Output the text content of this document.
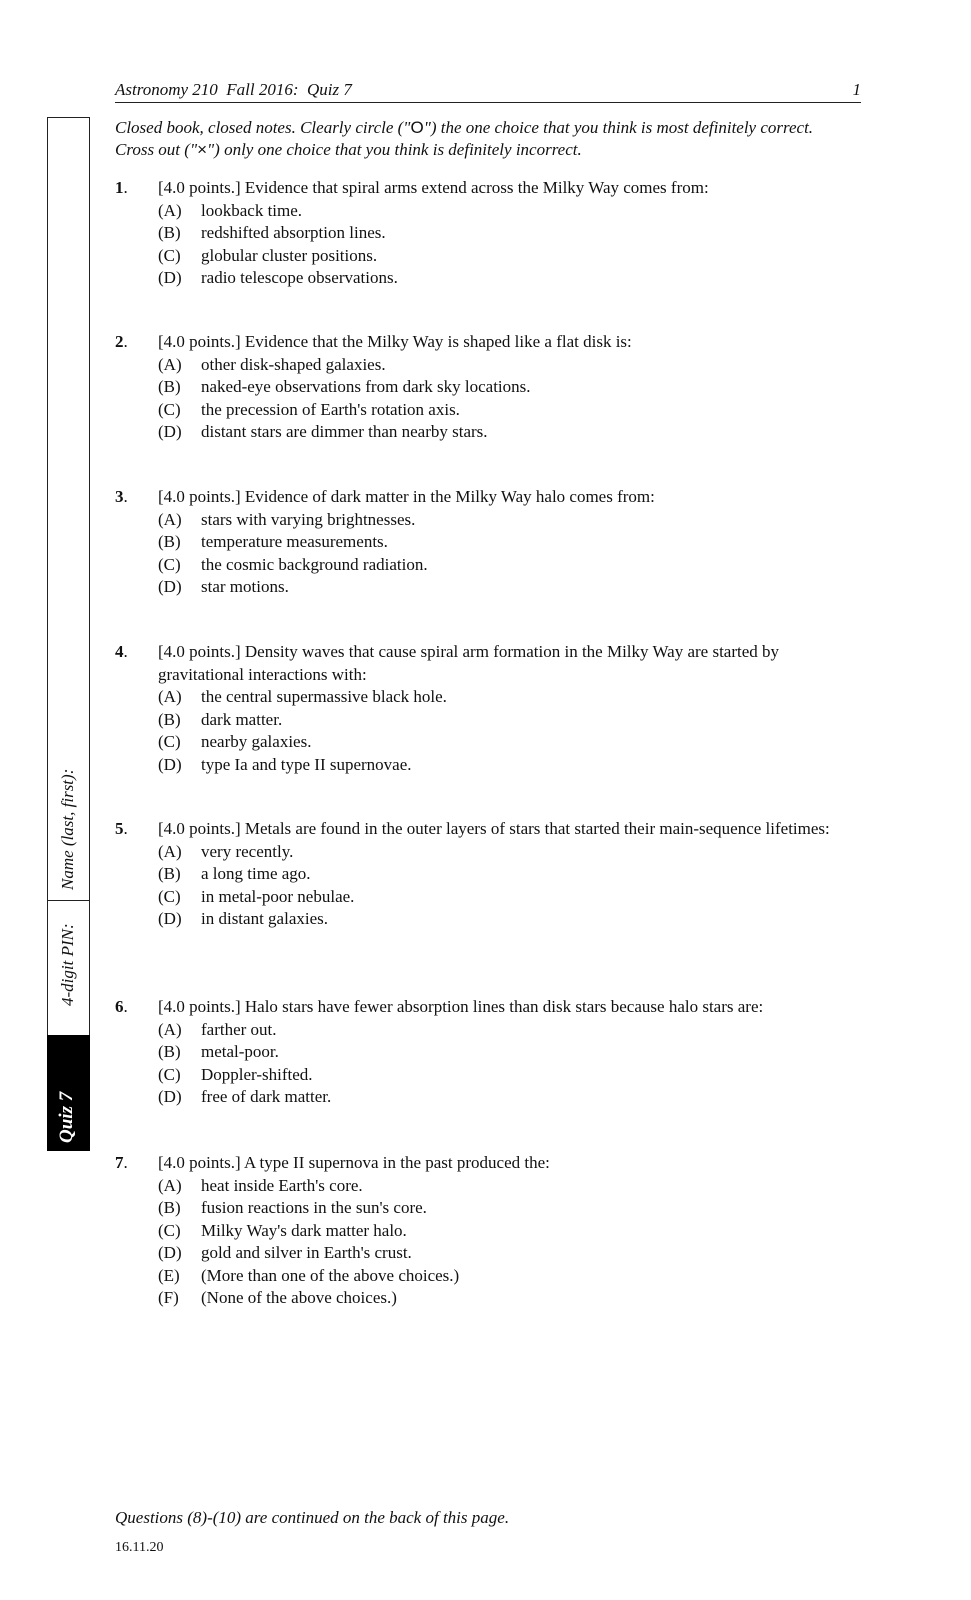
Astronomy 210  Fall 2016:  Quiz 7	1
Closed book, closed notes. Clearly circle ("O") the one choice that you think is most definitely correct. Cross out ("×") only one choice that you think is definitely incorrect.
Name (last, first):
4-digit PIN:
Quiz 7
1. [4.0 points.] Evidence that spiral arms extend across the Milky Way comes from:
(A) lookback time.
(B) redshifted absorption lines.
(C) globular cluster positions.
(D) radio telescope observations.
2. [4.0 points.] Evidence that the Milky Way is shaped like a flat disk is:
(A) other disk-shaped galaxies.
(B) naked-eye observations from dark sky locations.
(C) the precession of Earth's rotation axis.
(D) distant stars are dimmer than nearby stars.
3. [4.0 points.] Evidence of dark matter in the Milky Way halo comes from:
(A) stars with varying brightnesses.
(B) temperature measurements.
(C) the cosmic background radiation.
(D) star motions.
4. [4.0 points.] Density waves that cause spiral arm formation in the Milky Way are started by gravitational interactions with:
(A) the central supermassive black hole.
(B) dark matter.
(C) nearby galaxies.
(D) type Ia and type II supernovae.
5. [4.0 points.] Metals are found in the outer layers of stars that started their main-sequence lifetimes:
(A) very recently.
(B) a long time ago.
(C) in metal-poor nebulae.
(D) in distant galaxies.
6. [4.0 points.] Halo stars have fewer absorption lines than disk stars because halo stars are:
(A) farther out.
(B) metal-poor.
(C) Doppler-shifted.
(D) free of dark matter.
7. [4.0 points.] A type II supernova in the past produced the:
(A) heat inside Earth's core.
(B) fusion reactions in the sun's core.
(C) Milky Way's dark matter halo.
(D) gold and silver in Earth's crust.
(E) (More than one of the above choices.)
(F) (None of the above choices.)
Questions (8)-(10) are continued on the back of this page.
16.11.20
